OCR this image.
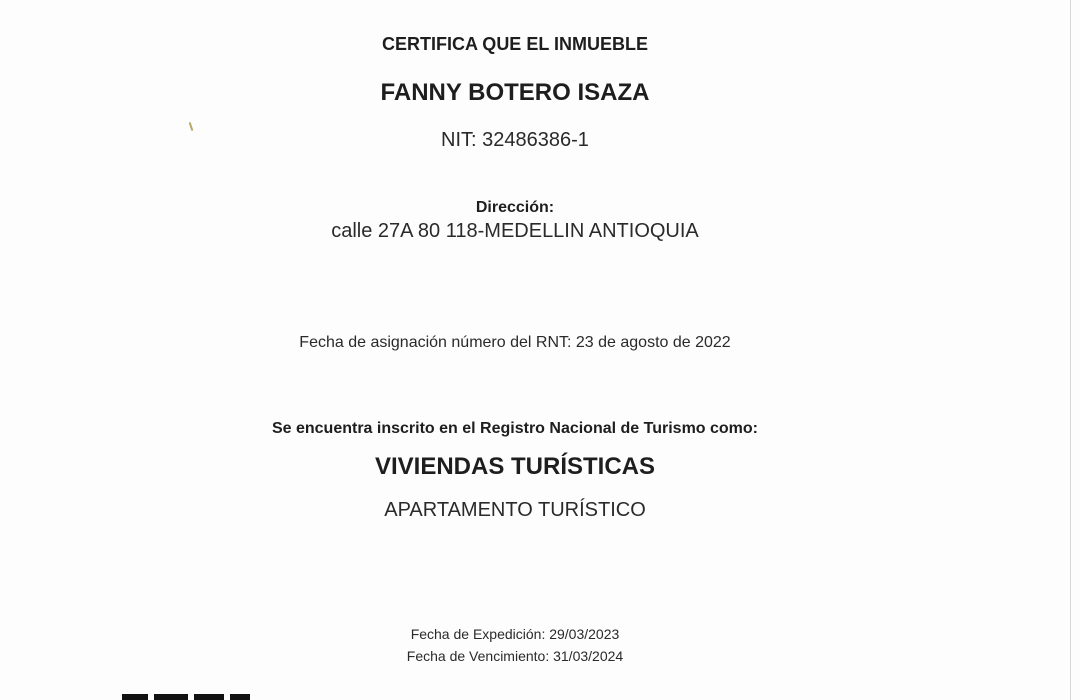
CERTIFICA QUE EL INMUEBLE

FANNY BOTERO ISAZA

NIT: 32486386-1

Dirección:

calle 27A 80 118-MEDELLIN ANTIOQUIA

Fecha de asignación número del RNT: 23 de agosto de 2022

Se encuentra inscrito en el Registro Nacional de Turismo como:

VIVIENDAS TURÍSTICAS

APARTAMENTO TURÍSTICO

Fecha de Expedición: 29/03/2023

Fecha de Vencimiento: 31/03/2024
